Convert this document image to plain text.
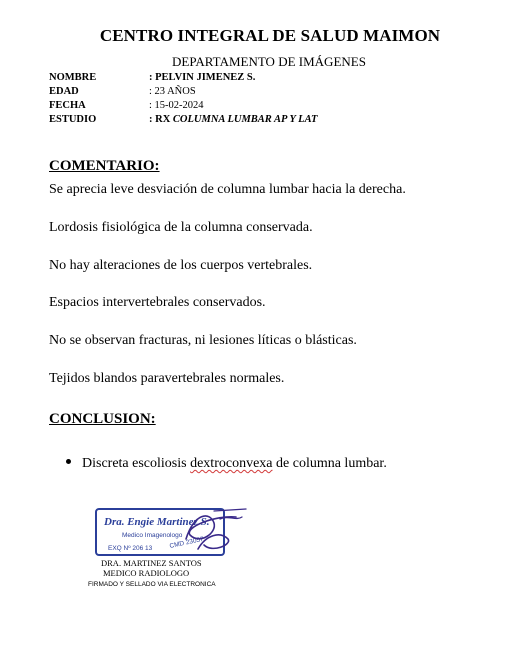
CENTRO INTEGRAL DE SALUD MAIMON
DEPARTAMENTO DE IMÁGENES
NOMBRE	: PELVIN JIMENEZ S.
EDAD	: 23 AÑOS
FECHA	: 15-02-2024
ESTUDIO	: RX COLUMNA LUMBAR AP Y LAT
COMENTARIO:
Se aprecia leve desviación de columna lumbar hacia la derecha.
Lordosis fisiológica de la columna conservada.
No hay alteraciones de los cuerpos vertebrales.
Espacios intervertebrales conservados.
No se observan fracturas, ni lesiones líticas o blásticas.
Tejidos blandos paravertebrales normales.
CONCLUSION:
Discreta escoliosis dextroconvexa de columna lumbar.
Dra. Engie Martinez S.
Medico Imagenologo
EXQ Nº 206 13	CMD 23057
DRA. MARTINEZ SANTOS
MEDICO RADIOLOGO
FIRMADO Y SELLADO VIA ELECTRONICA
